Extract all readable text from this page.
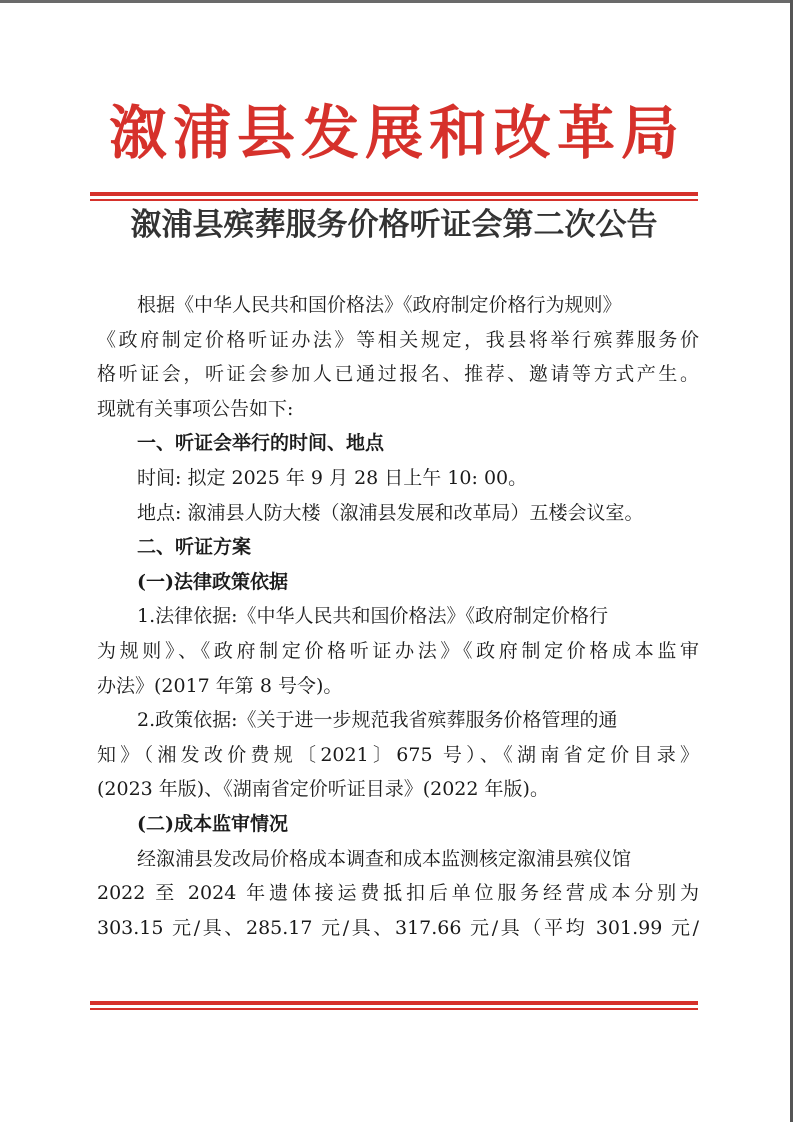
溆浦县发展和改革局
溆浦县殡葬服务价格听证会第二次公告
根据《中华人民共和国价格法》《政府制定价格行为规则》
《政府制定价格听证办法》等相关规定，我县将举行殡葬服务价
格听证会，听证会参加人已通过报名、推荐、邀请等方式产生。
现就有关事项公告如下:
一、听证会举行的时间、地点
时间: 拟定 2025 年 9 月 28 日上午 10: 00。
地点: 溆浦县人防大楼（溆浦县发展和改革局）五楼会议室。
二、听证方案
(一)法律政策依据
1.法律依据:《中华人民共和国价格法》《政府制定价格行
为规则》、《政府制定价格听证办法》《政府制定价格成本监审
办法》(2017 年第 8 号令)。
2.政策依据:《关于进一步规范我省殡葬服务价格管理的通
知》（湘发改价费规〔2021〕675 号）、《湖南省定价目录》
(2023 年版)、《湖南省定价听证目录》(2022 年版)。
(二)成本监审情况
经溆浦县发改局价格成本调查和成本监测核定溆浦县殡仪馆
2022 至 2024 年遗体接运费抵扣后单位服务经营成本分别为
303.15 元/具、285.17 元/具、317.66 元/具（平均 301.99 元/
